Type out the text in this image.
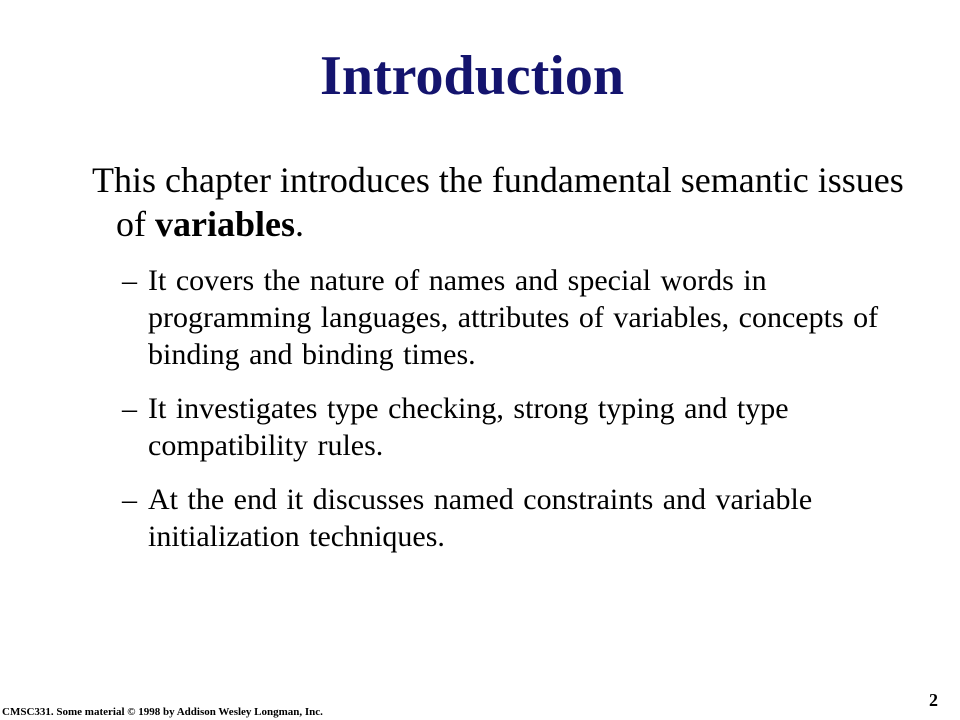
Introduction

This chapter introduces the fundamental semantic issues of variables.

– It covers the nature of names and special words in programming languages, attributes of variables, concepts of binding and binding times.
– It investigates type checking, strong typing and type compatibility rules.
– At the end it discusses named constraints and variable initialization techniques.
CMSC331. Some material © 1998 by Addison Wesley Longman, Inc.
2
